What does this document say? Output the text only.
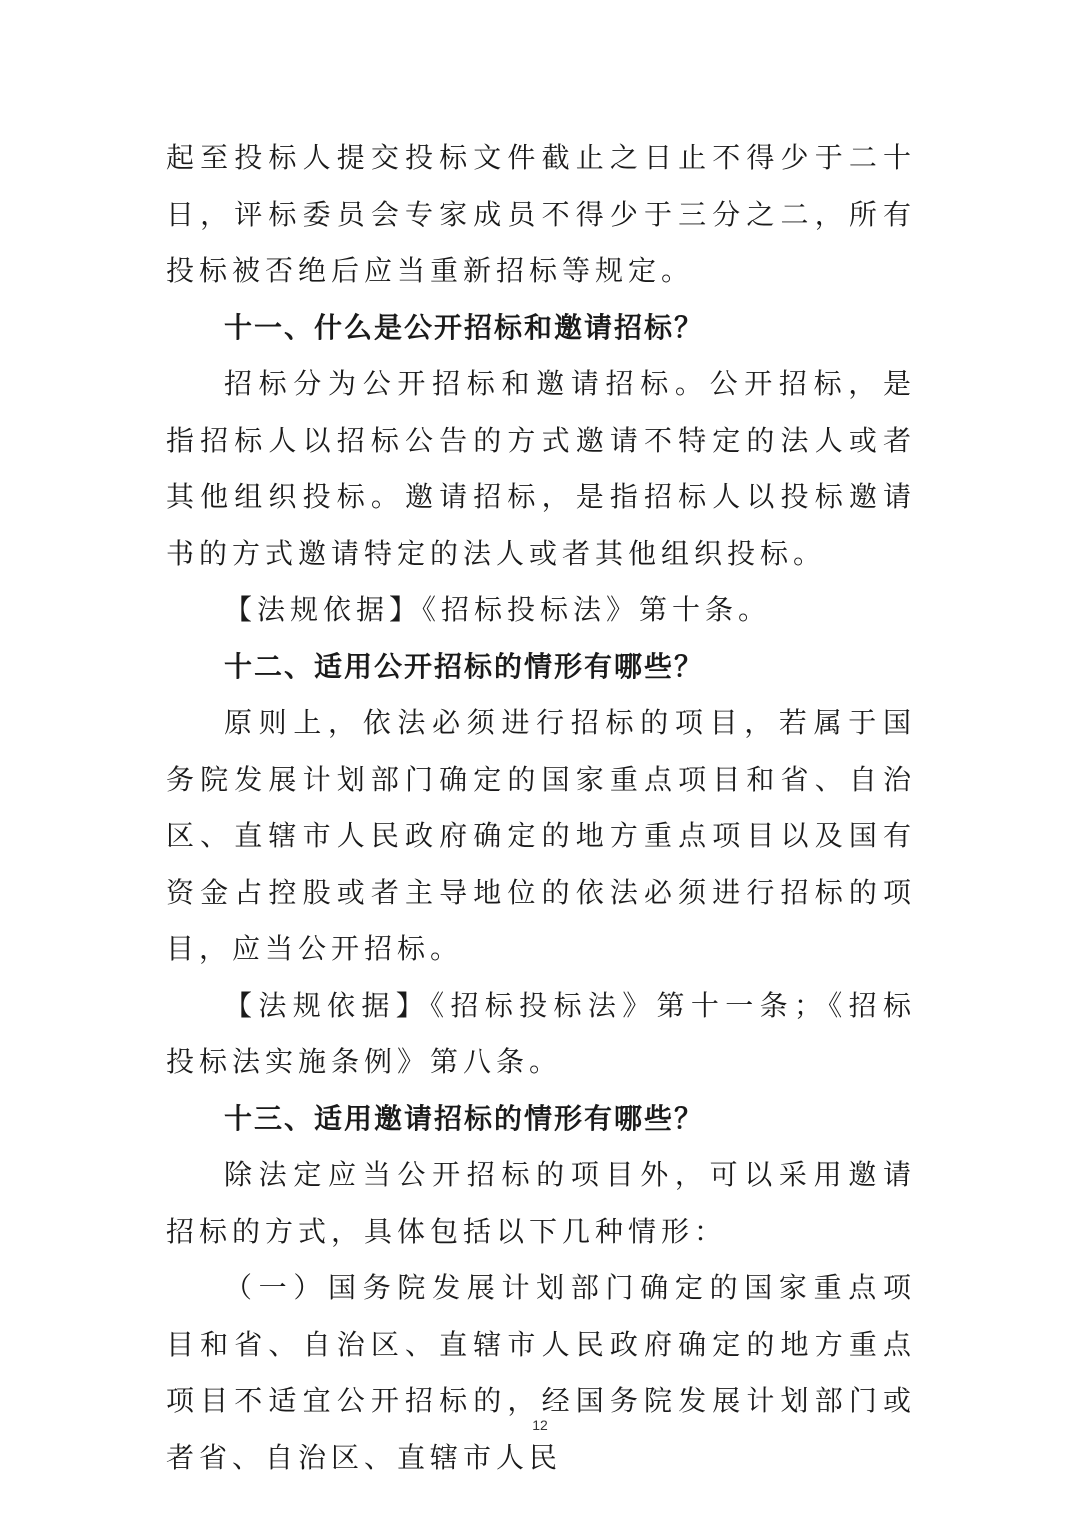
起至投标人提交投标文件截止之日止不得少于二十日，评标委员会专家成员不得少于三分之二，所有投标被否绝后应当重新招标等规定。

十一、什么是公开招标和邀请招标？

招标分为公开招标和邀请招标。公开招标，是指招标人以招标公告的方式邀请不特定的法人或者其他组织投标。邀请招标，是指招标人以投标邀请书的方式邀请特定的法人或者其他组织投标。

【法规依据】《招标投标法》第十条。

十二、适用公开招标的情形有哪些？

原则上，依法必须进行招标的项目，若属于国务院发展计划部门确定的国家重点项目和省、自治区、直辖市人民政府确定的地方重点项目以及国有资金占控股或者主导地位的依法必须进行招标的项目，应当公开招标。

【法规依据】《招标投标法》第十一条；《招标投标法实施条例》第八条。

十三、适用邀请招标的情形有哪些？

除法定应当公开招标的项目外，可以采用邀请招标的方式，具体包括以下几种情形：

（一）国务院发展计划部门确定的国家重点项目和省、自治区、直辖市人民政府确定的地方重点项目不适宜公开招标的，经国务院发展计划部门或者省、自治区、直辖市人民

12
